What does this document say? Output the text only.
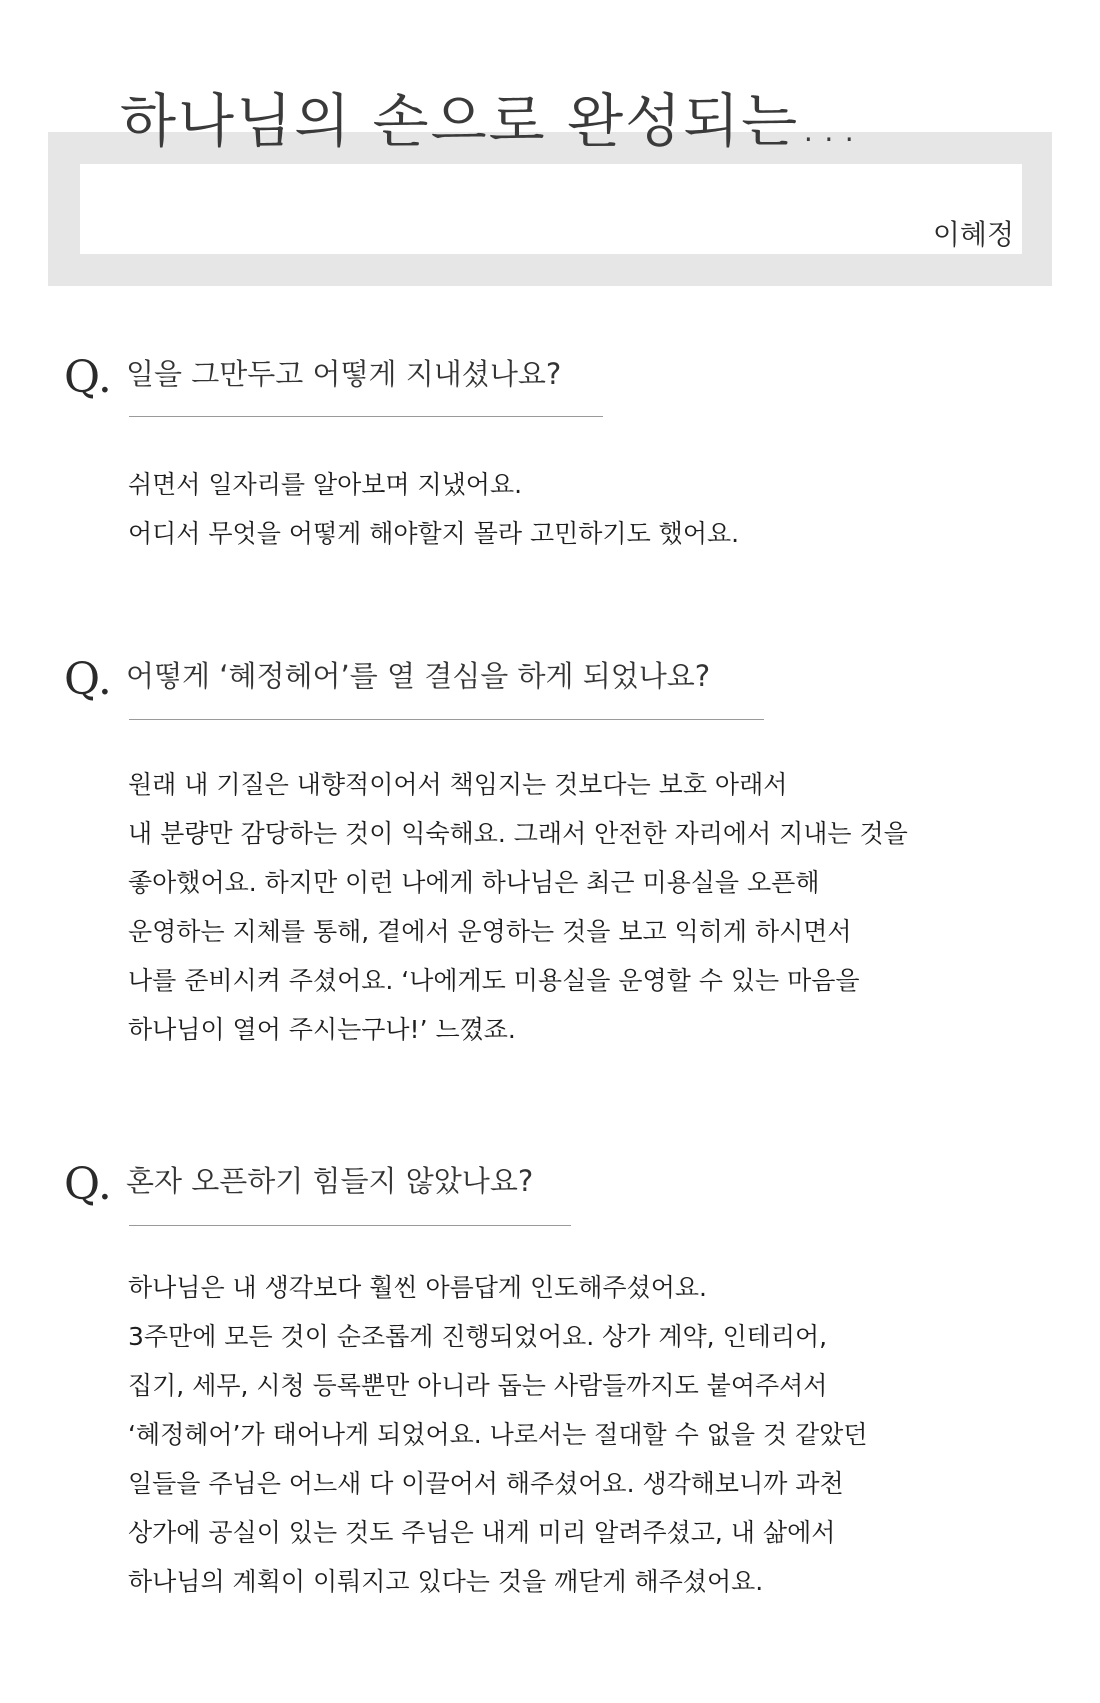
하나님의 손으로 완성되는...
이혜정
Q. 일을 그만두고 어떻게 지내셨나요?
쉬면서 일자리를 알아보며 지냈어요.
어디서 무엇을 어떻게 해야할지 몰라 고민하기도 했어요.
Q. 어떻게 ‘혜정헤어’를 열 결심을 하게 되었나요?
원래 내 기질은 내향적이어서 책임지는 것보다는 보호 아래서
내 분량만 감당하는 것이 익숙해요. 그래서 안전한 자리에서 지내는 것을
좋아했어요. 하지만 이런 나에게 하나님은 최근 미용실을 오픈해
운영하는 지체를 통해, 곁에서 운영하는 것을 보고 익히게 하시면서
나를 준비시켜 주셨어요. ‘나에게도 미용실을 운영할 수 있는 마음을
하나님이 열어 주시는구나!’ 느꼈죠.
Q. 혼자 오픈하기 힘들지 않았나요?
하나님은 내 생각보다 훨씬 아름답게 인도해주셨어요.
3주만에 모든 것이 순조롭게 진행되었어요. 상가 계약, 인테리어,
집기, 세무, 시청 등록뿐만 아니라 돕는 사람들까지도 붙여주셔서
‘혜정헤어’가 태어나게 되었어요. 나로서는 절대할 수 없을 것 같았던
일들을 주님은 어느새 다 이끌어서 해주셨어요. 생각해보니까 과천
상가에 공실이 있는 것도 주님은 내게 미리 알려주셨고, 내 삶에서
하나님의 계획이 이뤄지고 있다는 것을 깨닫게 해주셨어요.
